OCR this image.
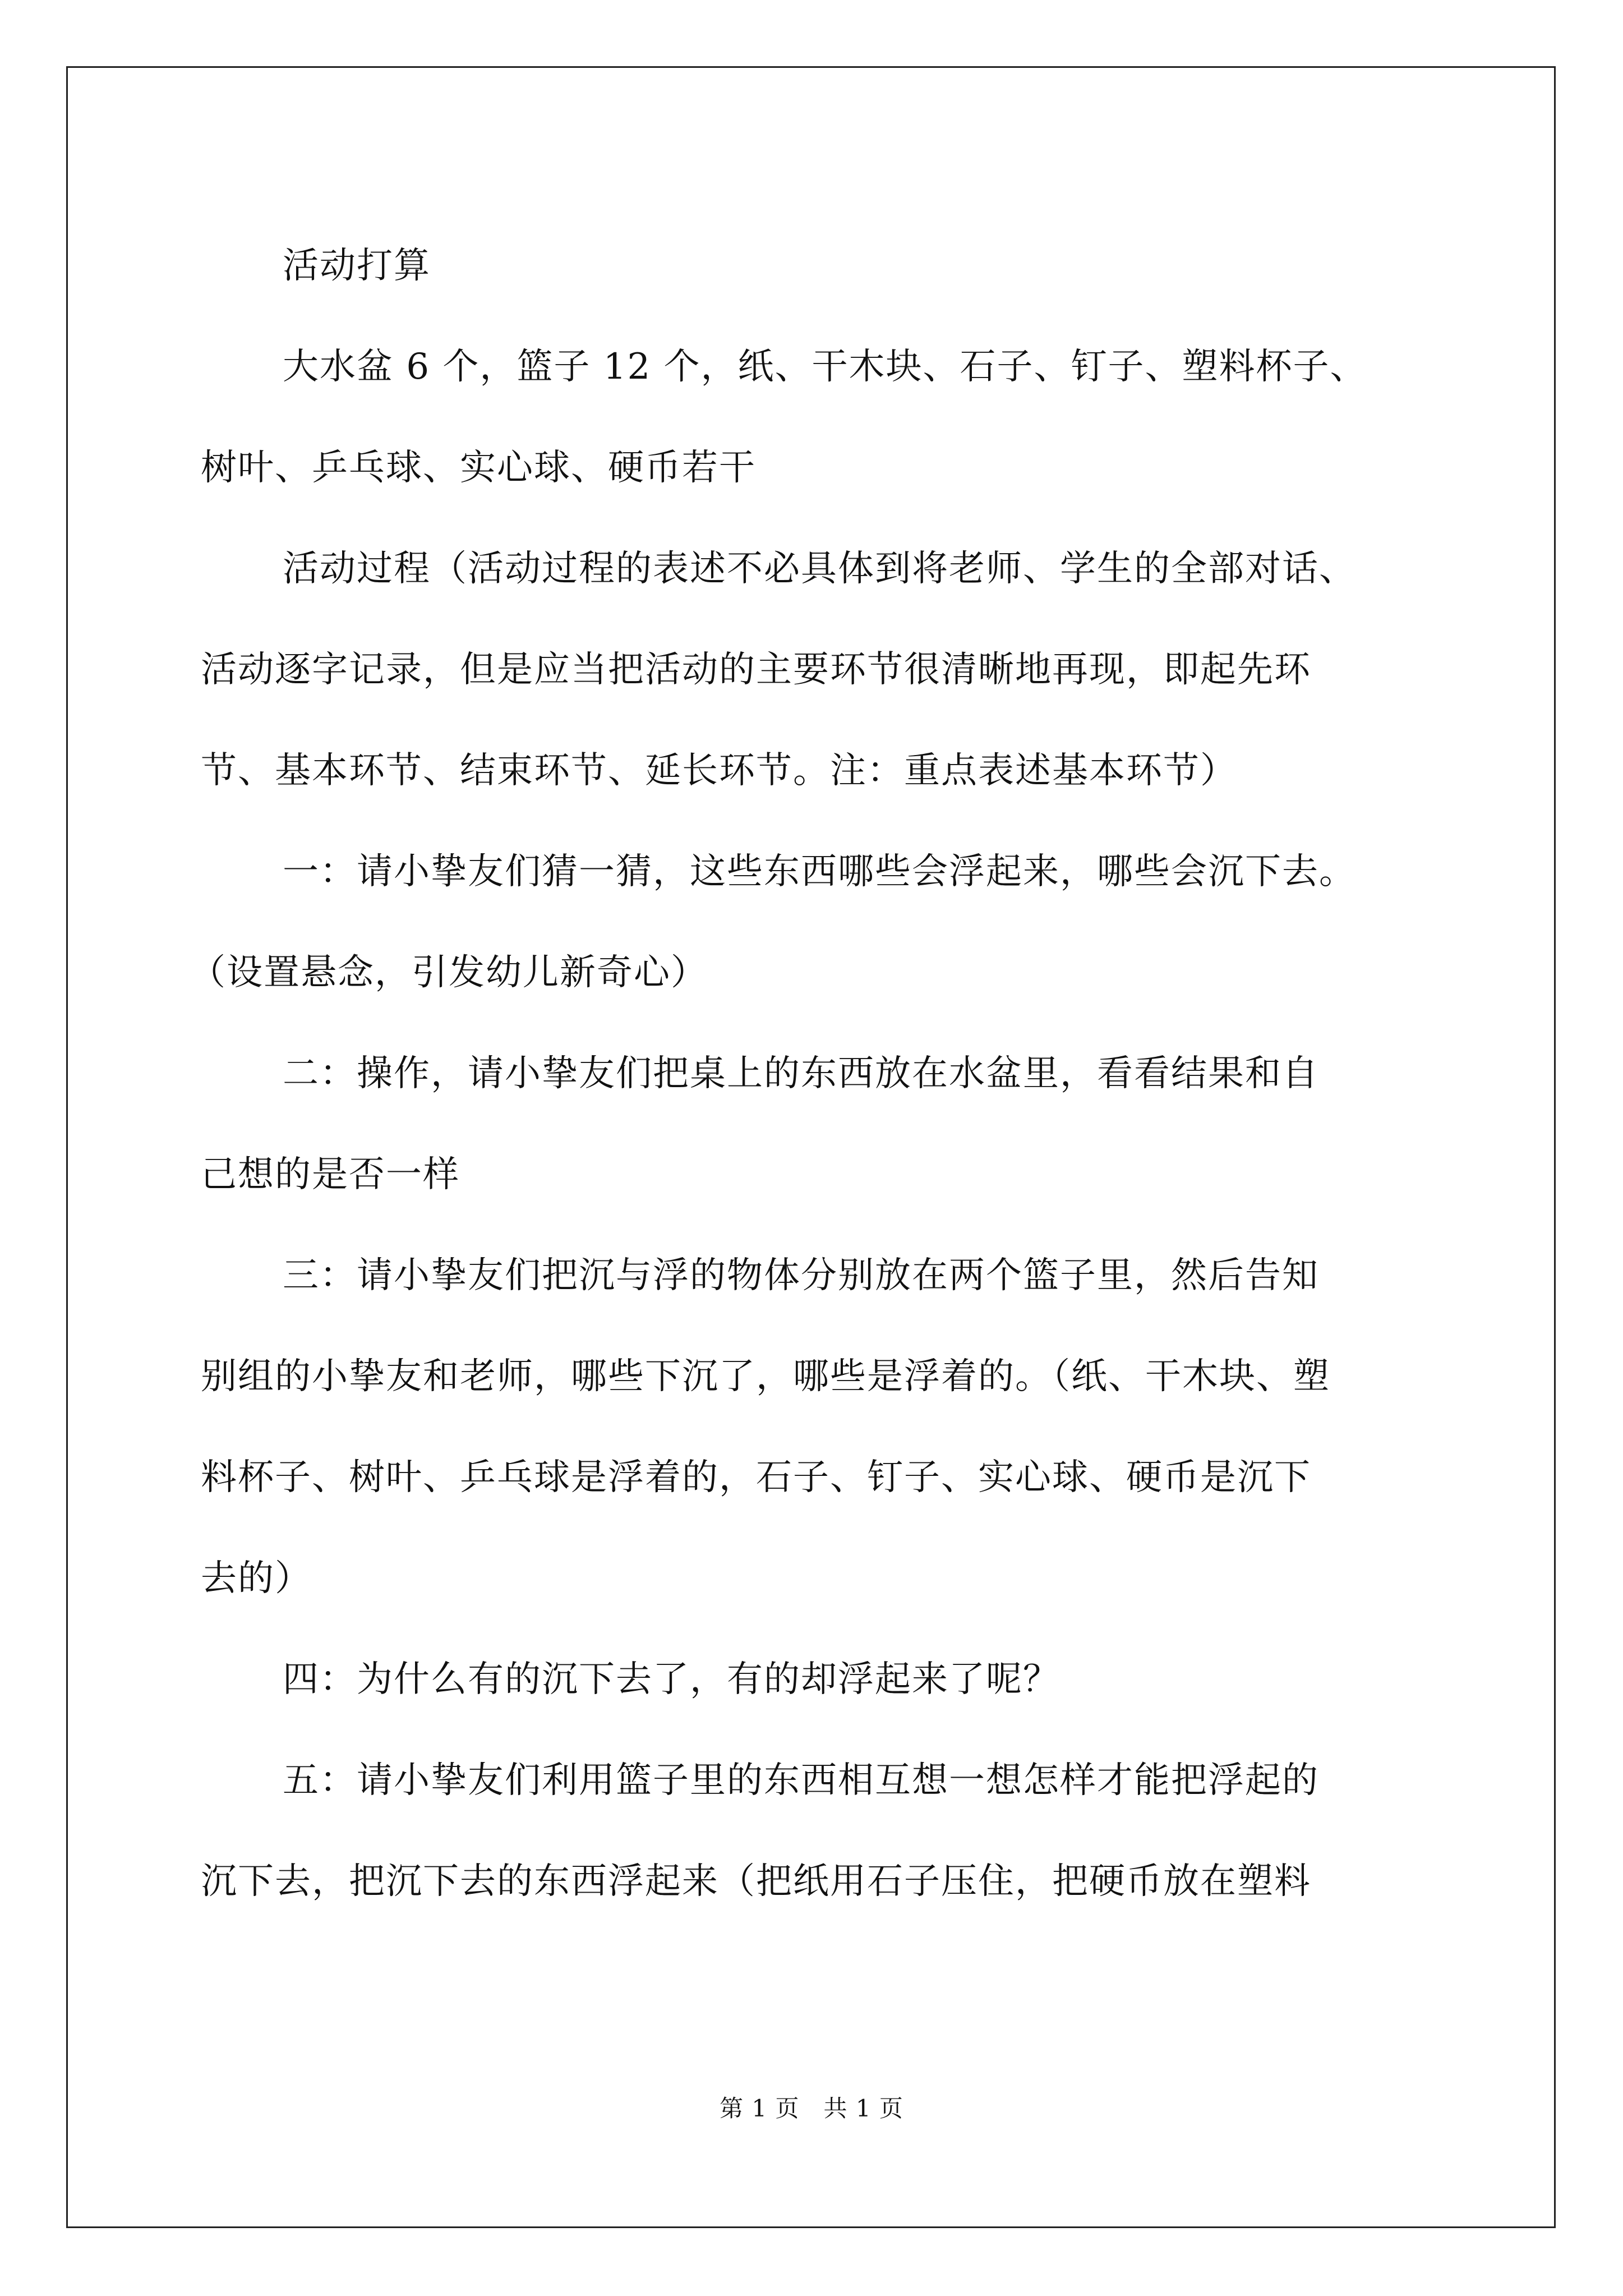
活动打算

大水盆 6 个，篮子 12 个，纸、干木块、石子、钉子、塑料杯子、
树叶、乒乓球、实心球、硬币若干

活动过程（活动过程的表述不必具体到将老师、学生的全部对话、
活动逐字记录，但是应当把活动的主要环节很清晰地再现，即起先环
节、基本环节、结束环节、延长环节。注：重点表述基本环节）

一：请小挚友们猜一猜，这些东西哪些会浮起来，哪些会沉下去。
（设置悬念，引发幼儿新奇心）

二：操作，请小挚友们把桌上的东西放在水盆里，看看结果和自
己想的是否一样

三：请小挚友们把沉与浮的物体分别放在两个篮子里，然后告知
别组的小挚友和老师，哪些下沉了，哪些是浮着的。（纸、干木块、塑
料杯子、树叶、乒乓球是浮着的，石子、钉子、实心球、硬币是沉下
去的）

四：为什么有的沉下去了，有的却浮起来了呢？

五：请小挚友们利用篮子里的东西相互想一想怎样才能把浮起的
沉下去，把沉下去的东西浮起来（把纸用石子压住，把硬币放在塑料

第 1 页　共 1 页
